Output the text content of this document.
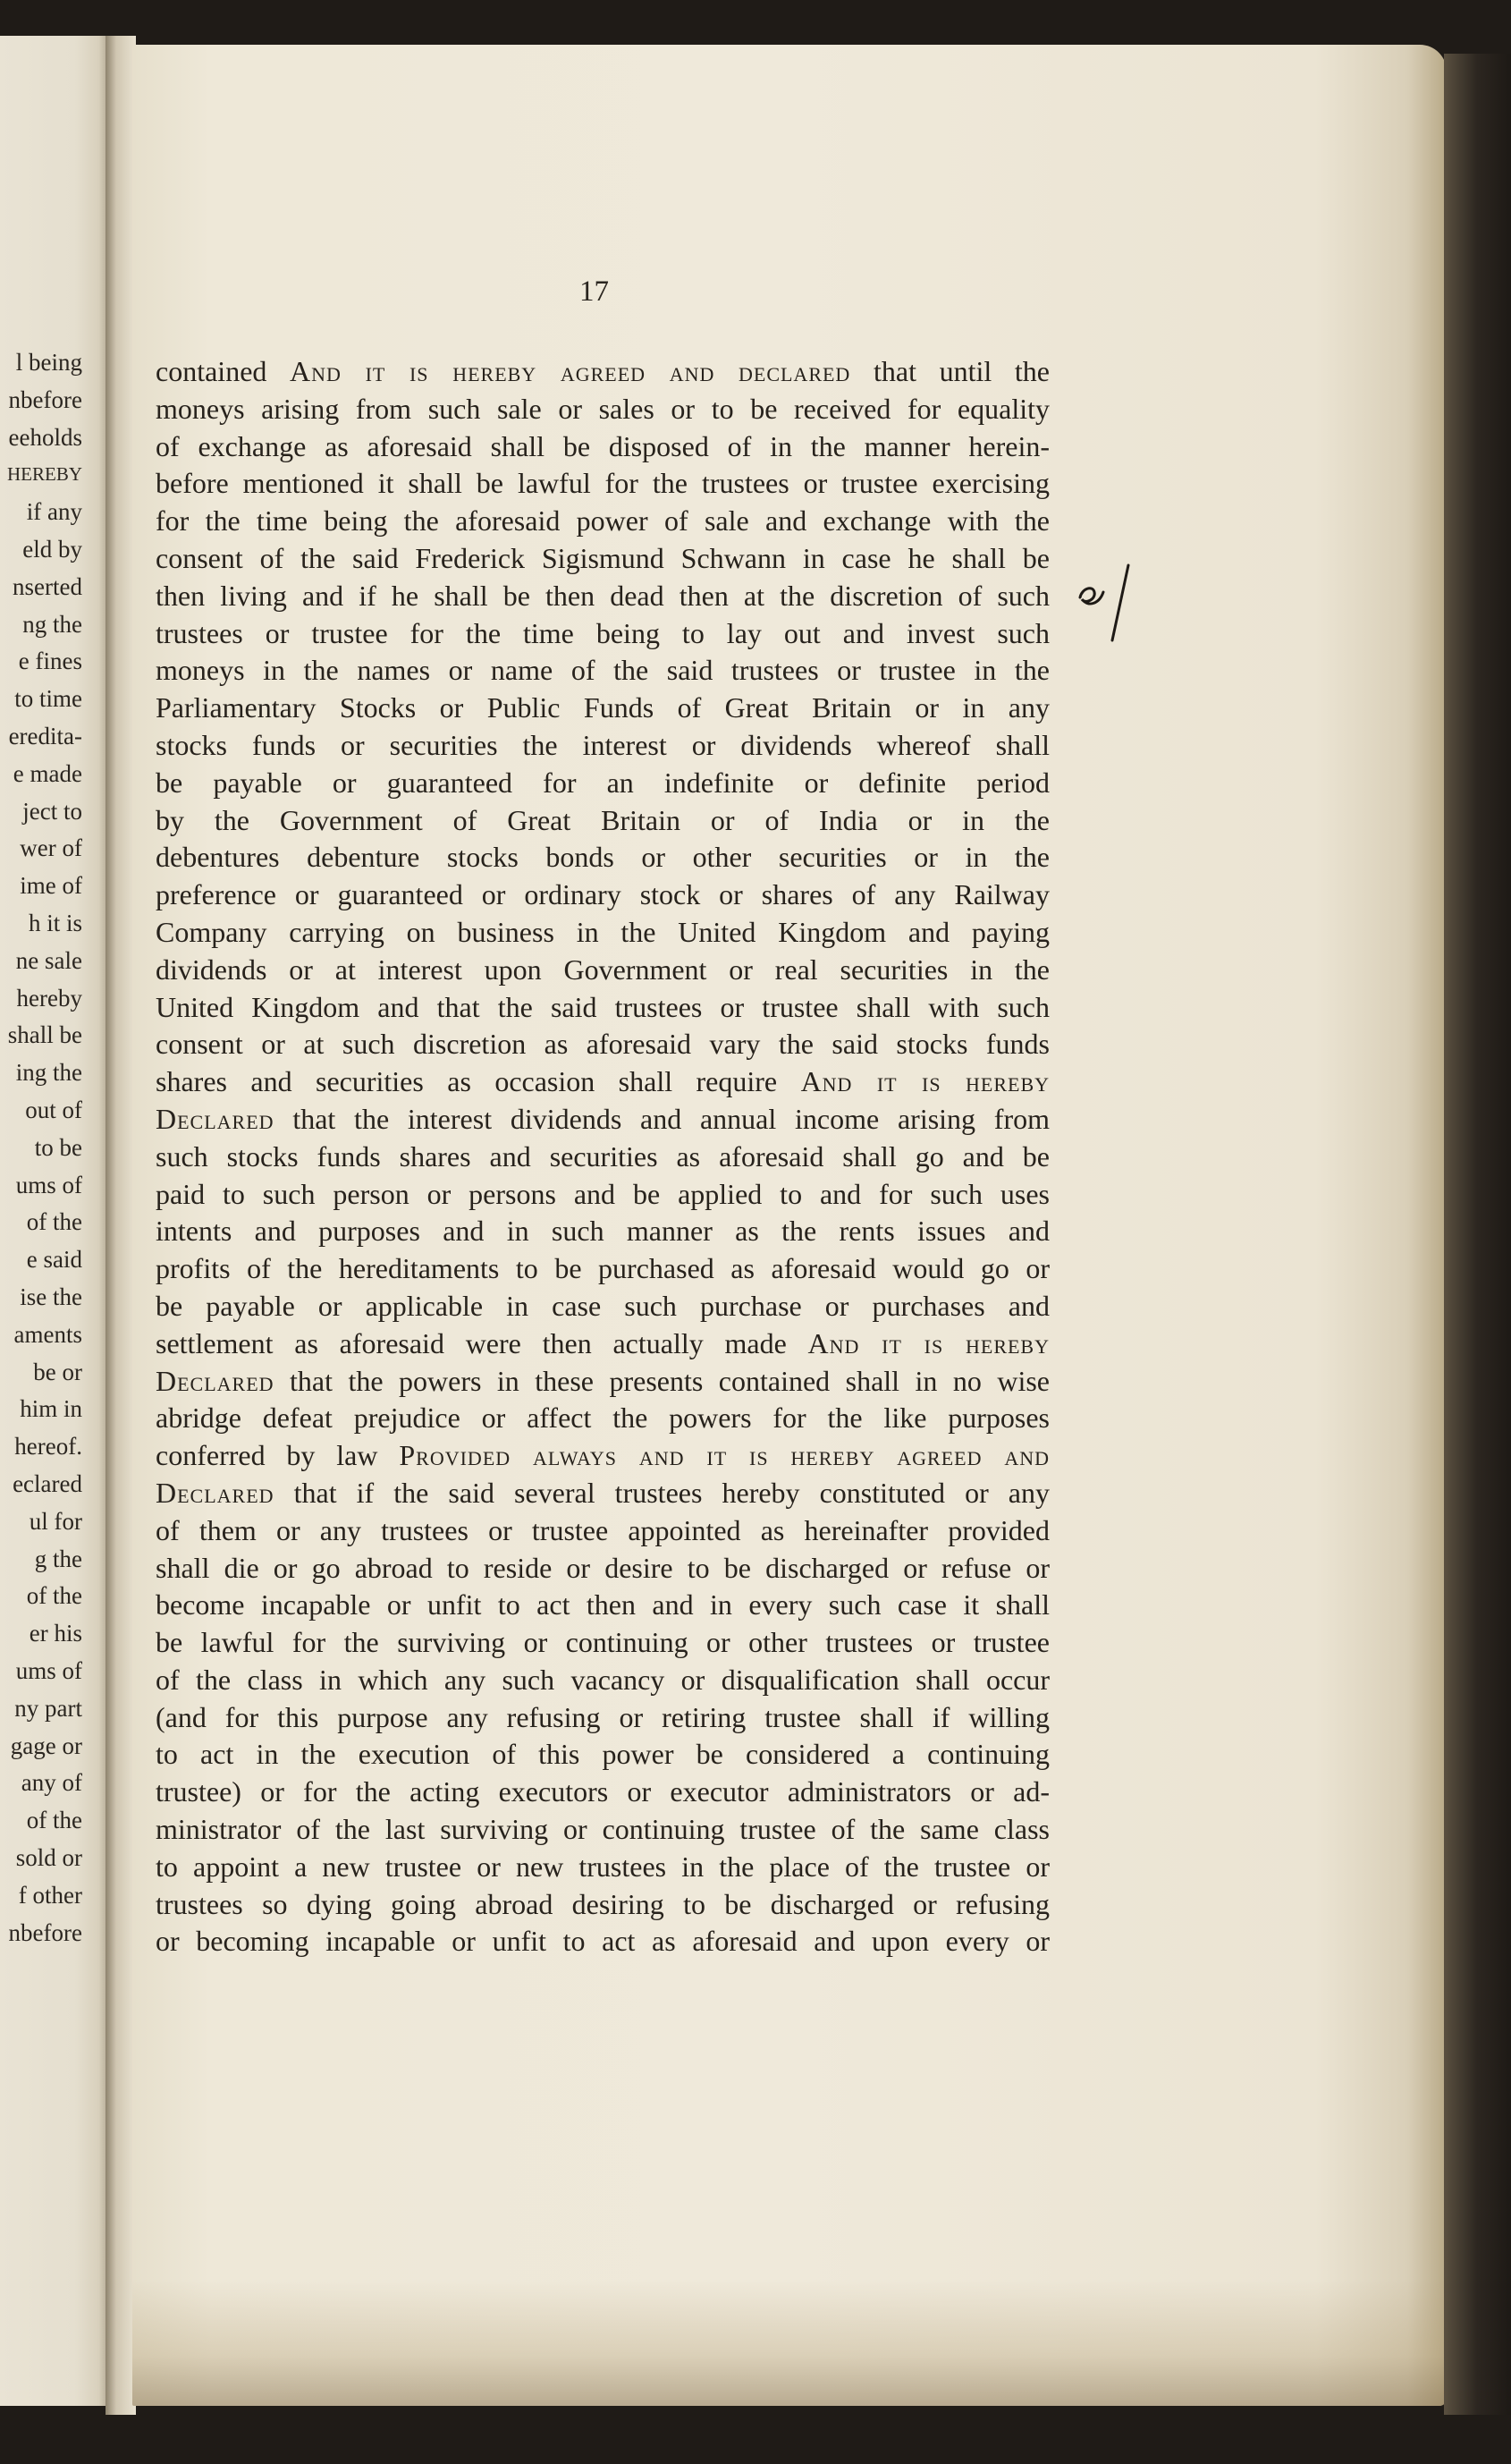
l being
nbefore
eeholds
HEREBY
if any
eld by
nserted
ng the
e fines
to time
eredita-
e made
ject to
wer of
ime of
h it is
ne sale
hereby
shall be
ing the
out of
to be
ums of
of the
e said
ise the
aments
be or
him in
hereof.
eclared
ul for
g the
of the
er his
ums of
ny part
gage or
any of
of the
sold or
f other
nbefore
17
contained And it is hereby agreed and declared that until the
moneys arising from such sale or sales or to be received for equality
of exchange as aforesaid shall be disposed of in the manner herein-
before mentioned it shall be lawful for the trustees or trustee exercising
for the time being the aforesaid power of sale and exchange with the
consent of the said Frederick Sigismund Schwann in case he shall be
then living and if he shall be then dead then at the discretion of such
trustees or trustee for the time being to lay out and invest such
moneys in the names or name of the said trustees or trustee in the
Parliamentary Stocks or Public Funds of Great Britain or in any
stocks funds or securities the interest or dividends whereof shall
be payable or guaranteed for an indefinite or definite period
by the Government of Great Britain or of India or in the
debentures debenture stocks bonds or other securities or in the
preference or guaranteed or ordinary stock or shares of any Railway
Company carrying on business in the United Kingdom and paying
dividends or at interest upon Government or real securities in the
United Kingdom and that the said trustees or trustee shall with such
consent or at such discretion as aforesaid vary the said stocks funds
shares and securities as occasion shall require And it is hereby
Declared that the interest dividends and annual income arising from
such stocks funds shares and securities as aforesaid shall go and be
paid to such person or persons and be applied to and for such uses
intents and purposes and in such manner as the rents issues and
profits of the hereditaments to be purchased as aforesaid would go or
be payable or applicable in case such purchase or purchases and
settlement as aforesaid were then actually made And it is hereby
Declared that the powers in these presents contained shall in no wise
abridge defeat prejudice or affect the powers for the like purposes
conferred by law Provided always and it is hereby agreed and
Declared that if the said several trustees hereby constituted or any
of them or any trustees or trustee appointed as hereinafter provided
shall die or go abroad to reside or desire to be discharged or refuse or
become incapable or unfit to act then and in every such case it shall
be lawful for the surviving or continuing or other trustees or trustee
of the class in which any such vacancy or disqualification shall occur
(and for this purpose any refusing or retiring trustee shall if willing
to act in the execution of this power be considered a continuing
trustee) or for the acting executors or executor administrators or ad-
ministrator of the last surviving or continuing trustee of the same class
to appoint a new trustee or new trustees in the place of the trustee or
trustees so dying going abroad desiring to be discharged or refusing
or becoming incapable or unfit to act as aforesaid and upon every or
